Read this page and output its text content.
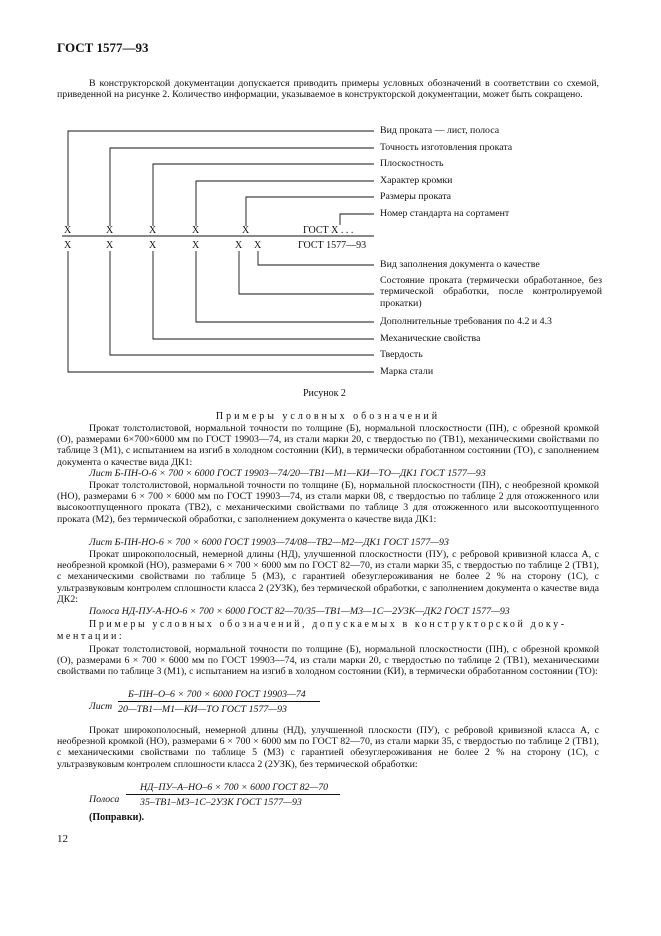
ГОСТ 1577—93
В конструкторской документации допускается приводить примеры условных обозначений в соответствии со схемой, приведенной на рисунке 2. Количество информации, указываемое в конструкторской документации, может быть сокращено.
Вид проката — лист, полоса
Точность изготовления проката
Плоскостность
Характер кромки
Размеры проката
Номер стандарта на сортамент
X	X	X	X	X	ГОСТ X . . .
X	X	X	X	X X	ГОСТ 1577—93
Вид заполнения документа о качестве
Состояние проката (термически обработанное, без термической обработки, после контролируемой прокатки)
Дополнительные требования по 4.2 и 4.3
Механические свойства
Твердость
Марка стали
Рисунок 2
Примеры условных обозначений
Прокат толстолистовой, нормальной точности по толщине (Б), нормальной плоскостности (ПН), с обрезной кромкой (О), размерами 6×700×6000 мм по ГОСТ 19903—74, из стали марки 20, с твердостью по (ТВ1), механическими свойствами по таблице 3 (М1), с испытанием на изгиб в холодном состоянии (КИ), в термически обработанном состоянии (ТО), с заполнением документа о качестве вида ДК1:
Лист Б-ПН-О-6 × 700 × 6000 ГОСТ 19903—74/20—ТВ1—М1—КИ—ТО—ДК1 ГОСТ 1577—93
Прокат толстолистовой, нормальной точности по толщине (Б), нормальной плоскостности (ПН), с необрезной кромкой (НО), размерами 6 × 700 × 6000 мм по ГОСТ 19903—74, из стали марки 08, с твердостью по таблице 2 для отожженного или высокоотпущенного проката (ТВ2), с механическими свойствами по таблице 3 для отожженного или высокоотпущенного проката (М2), без термической обработки, с заполнением документа о качестве вида ДК1:
Лист Б-ПН-НО-6 × 700 × 6000 ГОСТ 19903—74/08—ТВ2—М2—ДК1 ГОСТ 1577—93
Прокат широкополосный, немерной длины (НД), улучшенной плоскостности (ПУ), с ребровой кривизной класса А, с необрезной кромкой (НО), размерами 6 × 700 × 6000 мм по ГОСТ 82—70, из стали марки 35, с твердостью по таблице 2 (ТВ1), с механическими свойствами по таблице 5 (М3), с гарантией обезуглероживания не более 2 % на сторону (1С), с ультразвуковым контролем сплошности класса 2 (2УЗК), без термической обработки, с заполнением документа о качестве вида ДК2:
Полоса НД-ПУ-А-НО-6 × 700 × 6000 ГОСТ 82—70/35—ТВ1—М3—1С—2УЗК—ДК2 ГОСТ 1577—93
Примеры условных обозначений, допускаемых в конструкторской доку-
ментации:
Прокат толстолистовой, нормальной точности по толщине (Б), нормальной плоскостности (ПН), с обрезной кромкой (О), размерами 6 × 700 × 6000 мм по ГОСТ 19903—74, из стали марки 20, с твердостью по таблице 2 (ТВ1), механическими свойствами по таблице 3 (М1), с испытанием на изгиб в холодном состоянии (КИ), в термически обработанном состоянии (ТО):
Лист
Б–ПН–О–6 × 700 × 6000 ГОСТ 19903—74
20—ТВ1—М1—КИ—ТО ГОСТ 1577—93
Прокат широкополосный, немерной длины (НД), улучшенной плоскости (ПУ), с ребровой кривизной класса А, с необрезной кромкой (НО), размерами 6 × 700 × 6000 мм по ГОСТ 82—70, из стали марки 35, с твердостью по таблице 2 (ТВ1), с механическими свойствами по таблице 5 (М3) с гарантией обезуглероживания не более 2 % на сторону (1С), с ультразвуковым контролем сплошности класса 2 (2УЗК), без термической обработки:
Полоса
НД–ПУ–А–НО–6 × 700 × 6000 ГОСТ 82—70
35–ТВ1–М3–1С–2УЗК ГОСТ 1577—93
(Поправки).
12
